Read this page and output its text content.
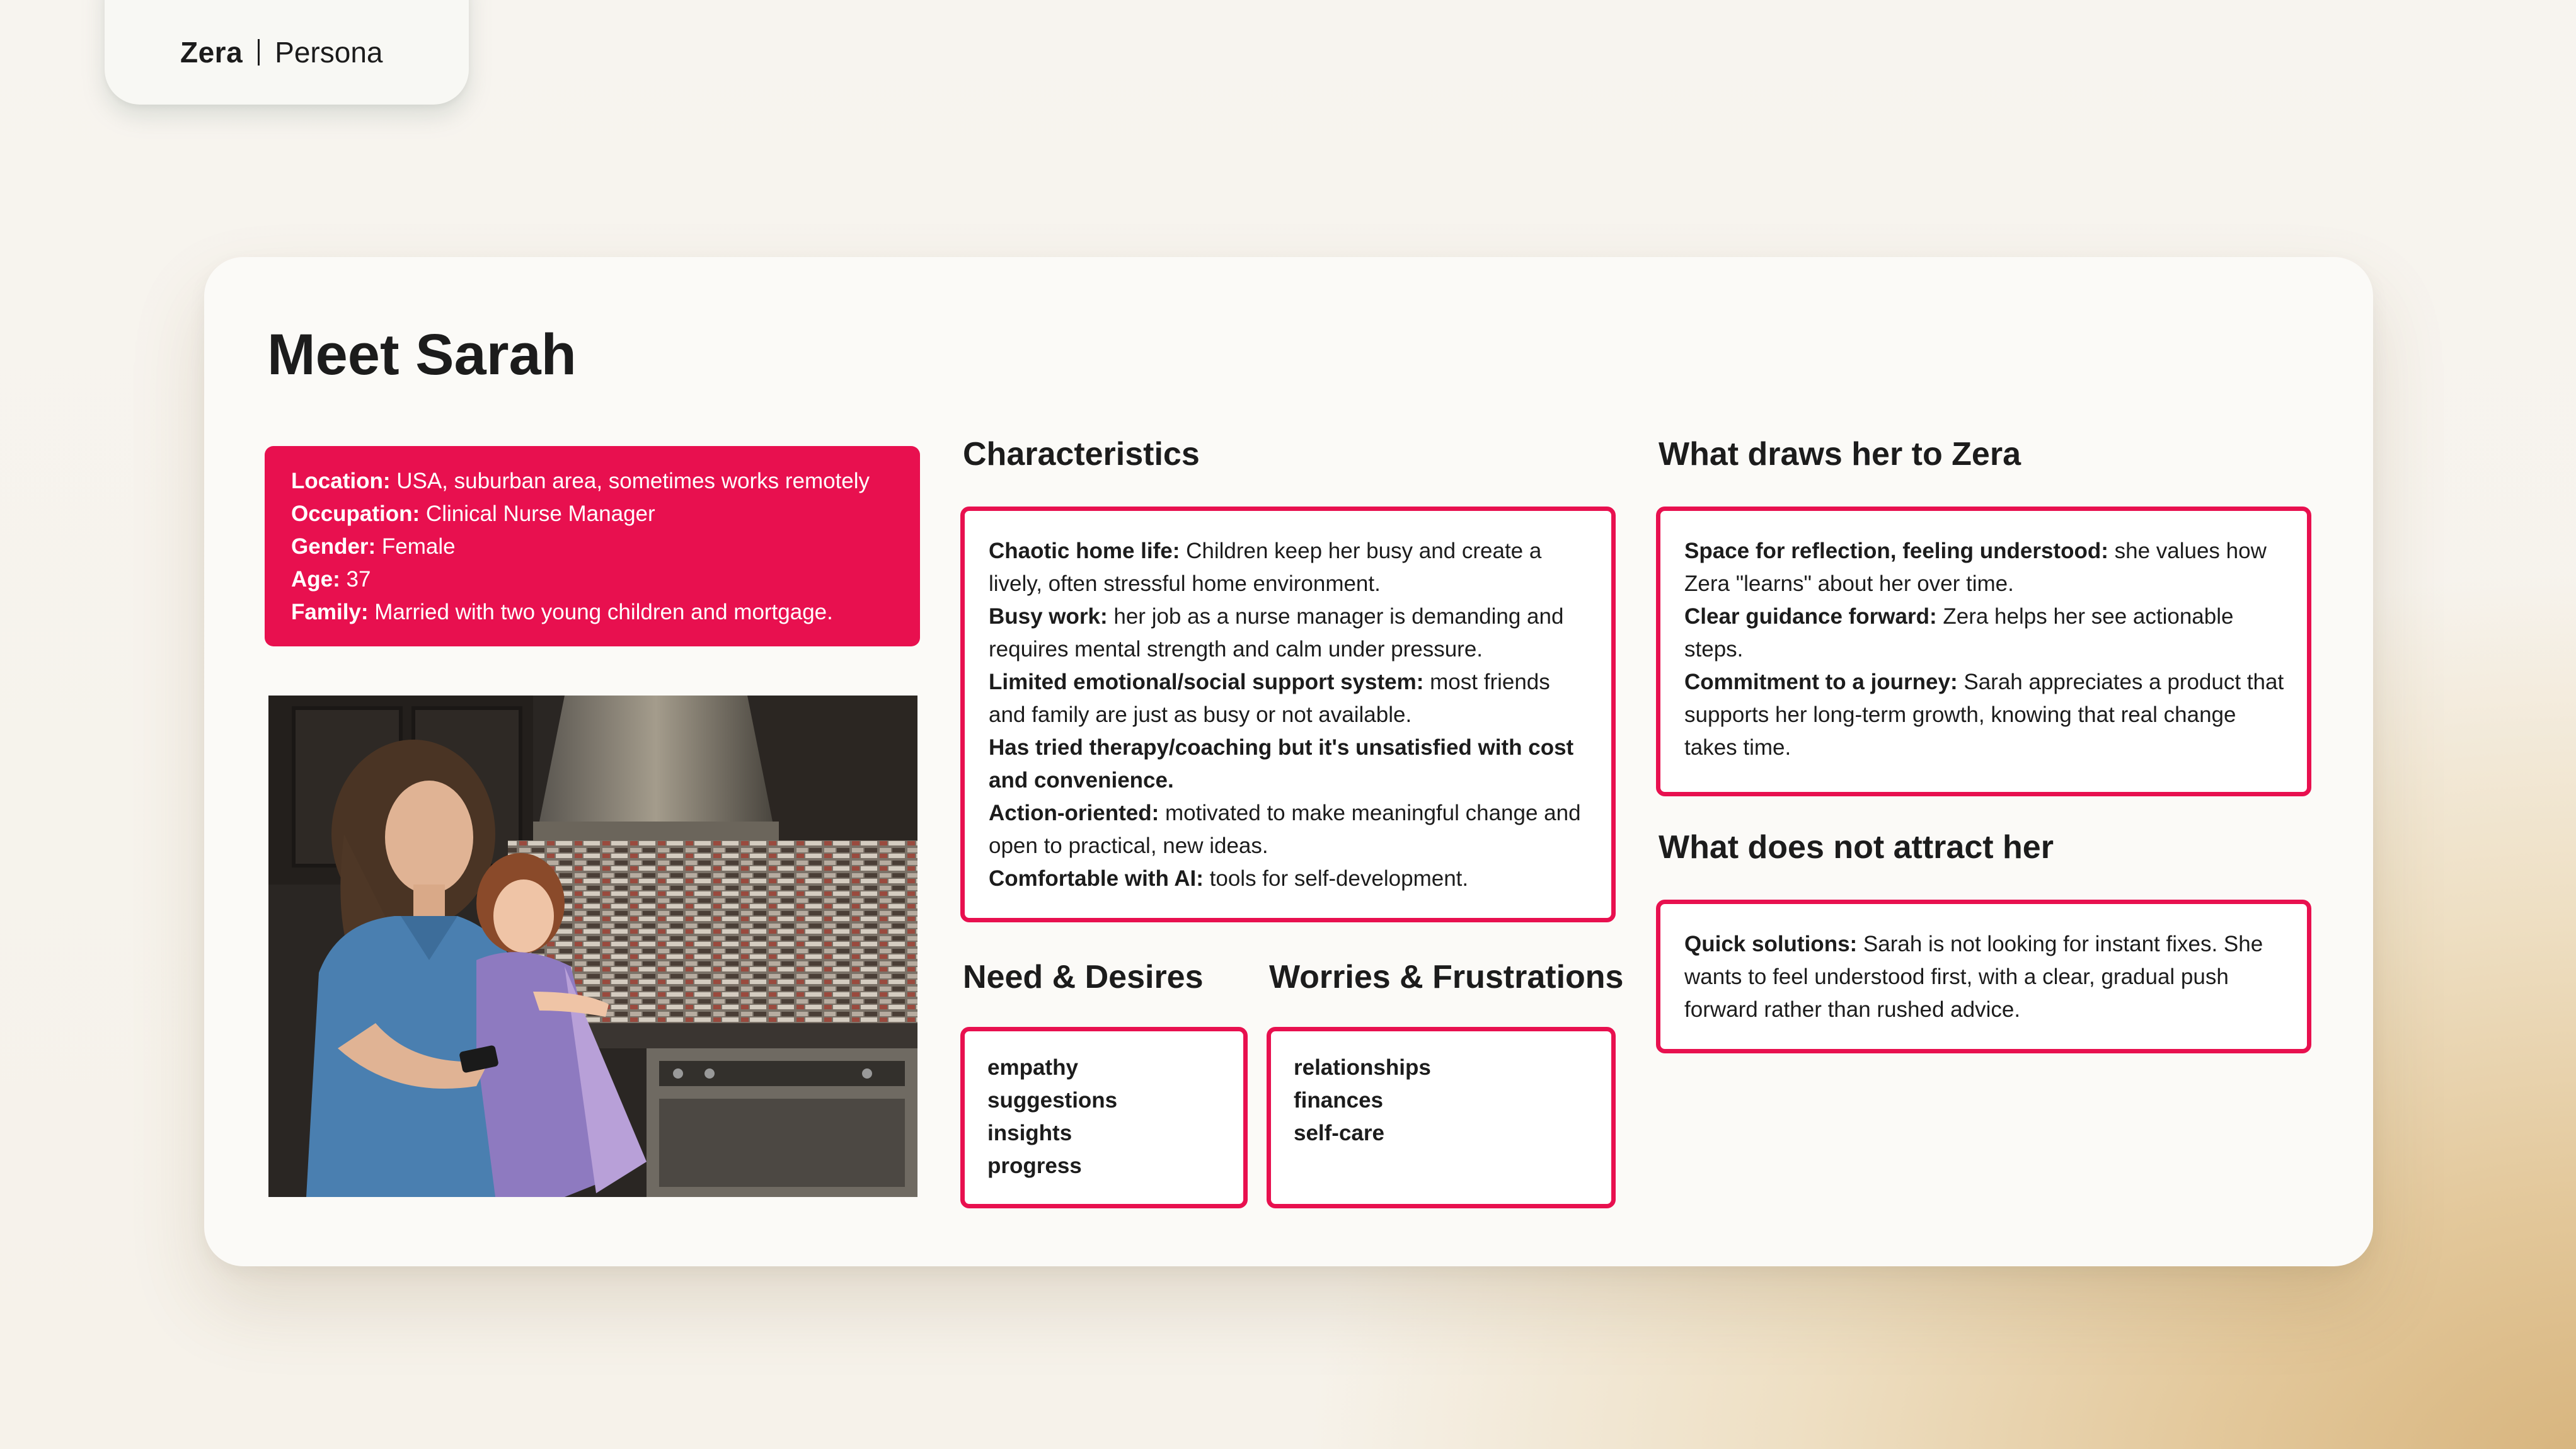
Zera Persona
Meet Sarah
Location: USA, suburban area, sometimes works remotely
Occupation: Clinical Nurse Manager
Gender: Female
Age: 37
Family: Married with two young children and mortgage.
Characteristics
Chaotic home life: Children keep her busy and create a lively, often stressful home environment.
Busy work: her job as a nurse manager is demanding and requires mental strength and calm under pressure.
Limited emotional/social support system: most friends and family are just as busy or not available.
Has tried therapy/coaching but it's unsatisfied with cost and convenience.
Action-oriented: motivated to make meaningful change and open to practical, new ideas.
Comfortable with AI: tools for self-development.
Need & Desires
empathy
suggestions
insights
progress
Worries & Frustrations
relationships
finances
self-care
What draws her to Zera
Space for reflection, feeling understood: she values how Zera "learns" about her over time.
Clear guidance forward: Zera helps her see actionable steps.
Commitment to a journey: Sarah appreciates a product that supports her long-term growth, knowing that real change takes time.
What does not attract her
Quick solutions: Sarah is not looking for instant fixes. She wants to feel understood first, with a clear, gradual push forward rather than rushed advice.
